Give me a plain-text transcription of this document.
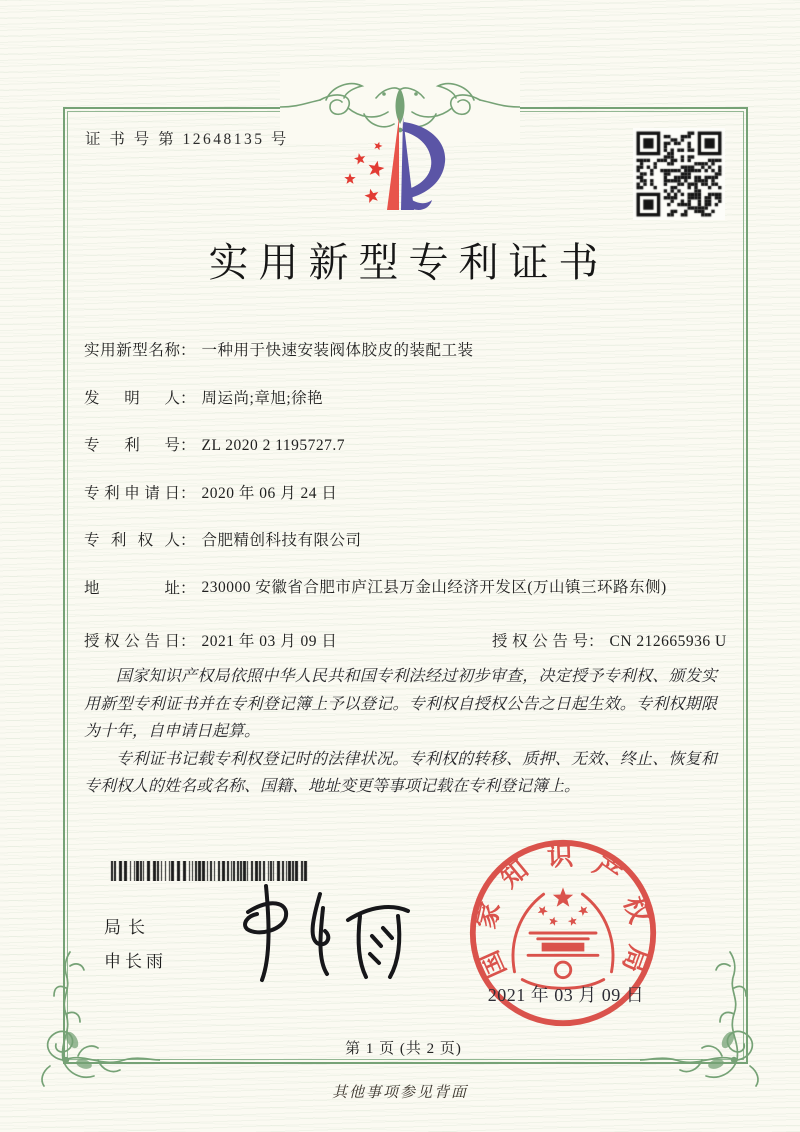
证 书 号 第 12648135 号
实用新型专利证书
实用新型名称： 一种用于快速安装阀体胶皮的装配工装
发明人： 周运尚;章旭;徐艳
专利号： ZL 2020 2 1195727.7
专利申请日： 2020 年 06 月 24 日
专利权人： 合肥精创科技有限公司
地址： 230000 安徽省合肥市庐江县万金山经济开发区(万山镇三环路东侧)
授权公告日： 2021 年 03 月 09 日	授权公告号： CN 212665936 U

国家知识产权局依照中华人民共和国专利法经过初步审查，决定授予专利权、颁发实用新型专利证书并在专利登记簿上予以登记。专利权自授权公告之日起生效。专利权期限为十年，自申请日起算。

专利证书记载专利权登记时的法律状况。专利权的转移、质押、无效、终止、恢复和专利权人的姓名或名称、国籍、地址变更等事项记载在专利登记簿上。

局长
申长雨	国家知识产权局
2021 年 03 月 09 日
第 1 页 (共 2 页)
其他事项参见背面
